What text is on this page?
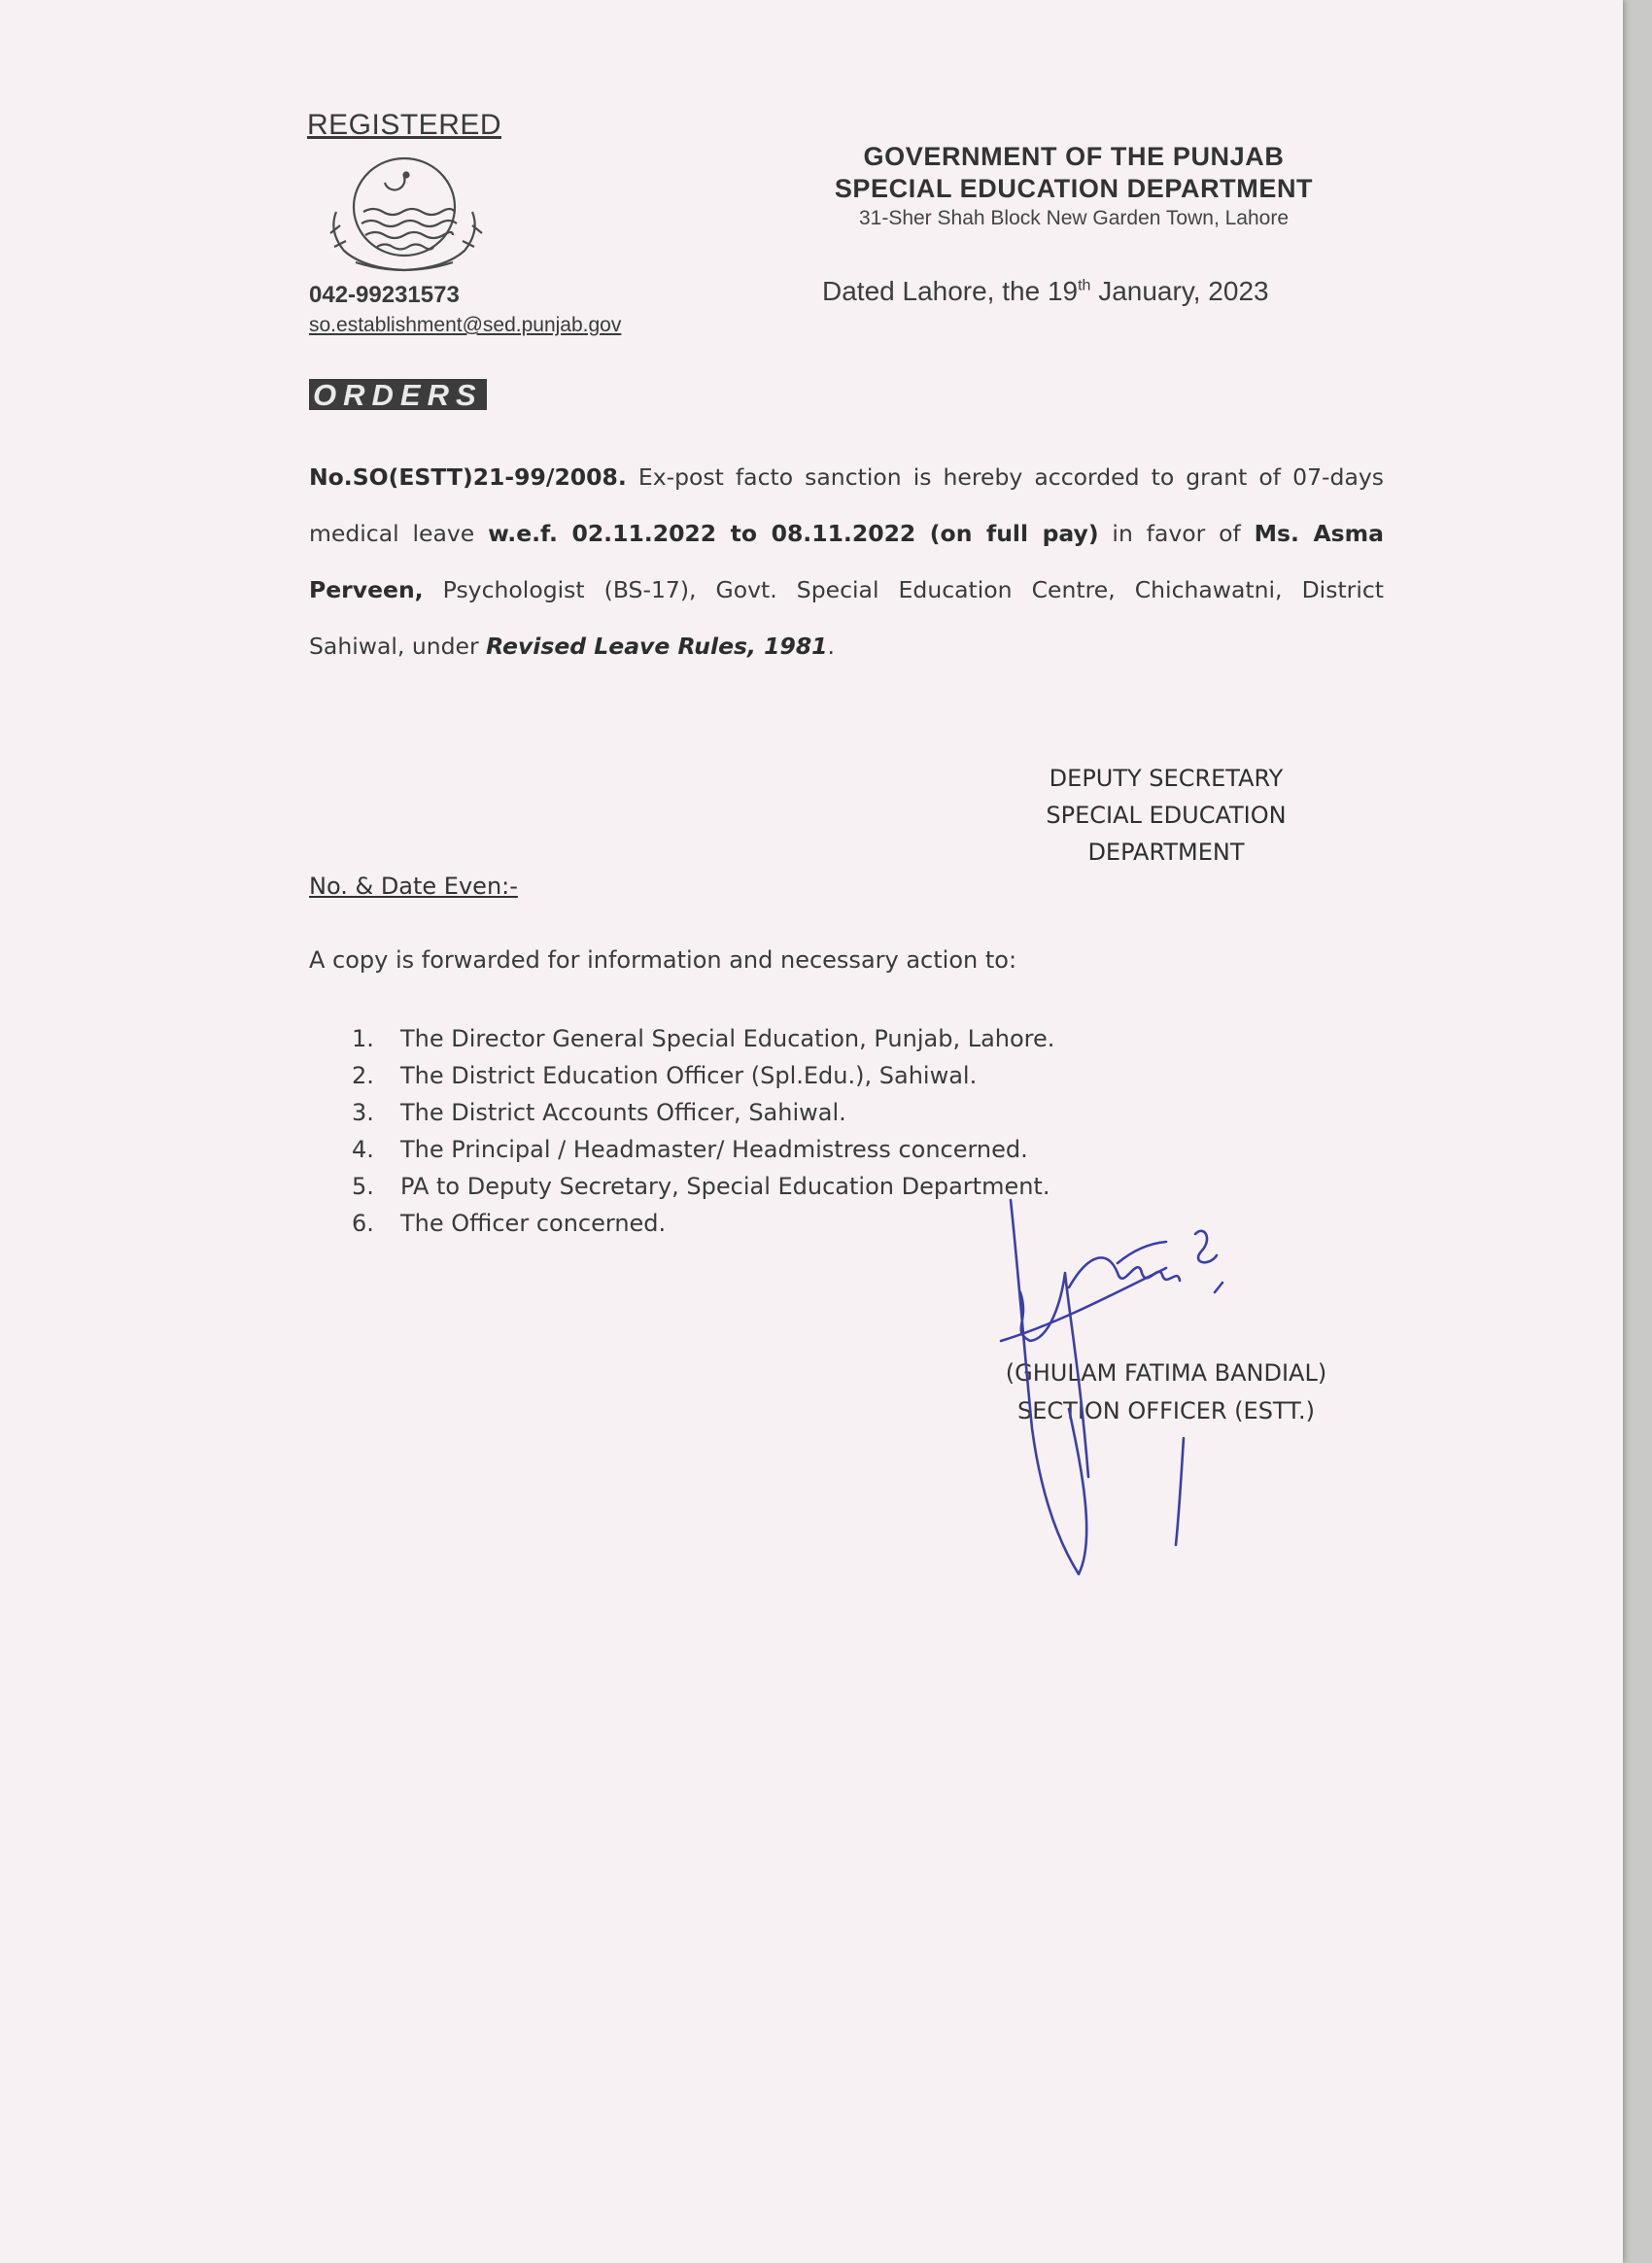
REGISTERED
042-99231573
so.establishment@sed.punjab.gov
GOVERNMENT OF THE PUNJAB
SPECIAL EDUCATION DEPARTMENT
31-Sher Shah Block New Garden Town, Lahore
Dated Lahore, the 19th January, 2023
ORDERS
No.SO(ESTT)21-99/2008. Ex-post facto sanction is hereby accorded to grant of 07-days medical leave w.e.f. 02.11.2022 to 08.11.2022 (on full pay) in favor of Ms. Asma Perveen, Psychologist (BS-17), Govt. Special Education Centre, Chichawatni, District Sahiwal, under Revised Leave Rules, 1981.
DEPUTY SECRETARY
SPECIAL EDUCATION
DEPARTMENT
No. & Date Even:-
A copy is forwarded for information and necessary action to:
1.	The Director General Special Education, Punjab, Lahore.
2.	The District Education Officer (Spl.Edu.), Sahiwal.
3.	The District Accounts Officer, Sahiwal.
4.	The Principal / Headmaster/ Headmistress concerned.
5.	PA to Deputy Secretary, Special Education Department.
6.	The Officer concerned.
(GHULAM FATIMA BANDIAL)
SECTION OFFICER (ESTT.)
